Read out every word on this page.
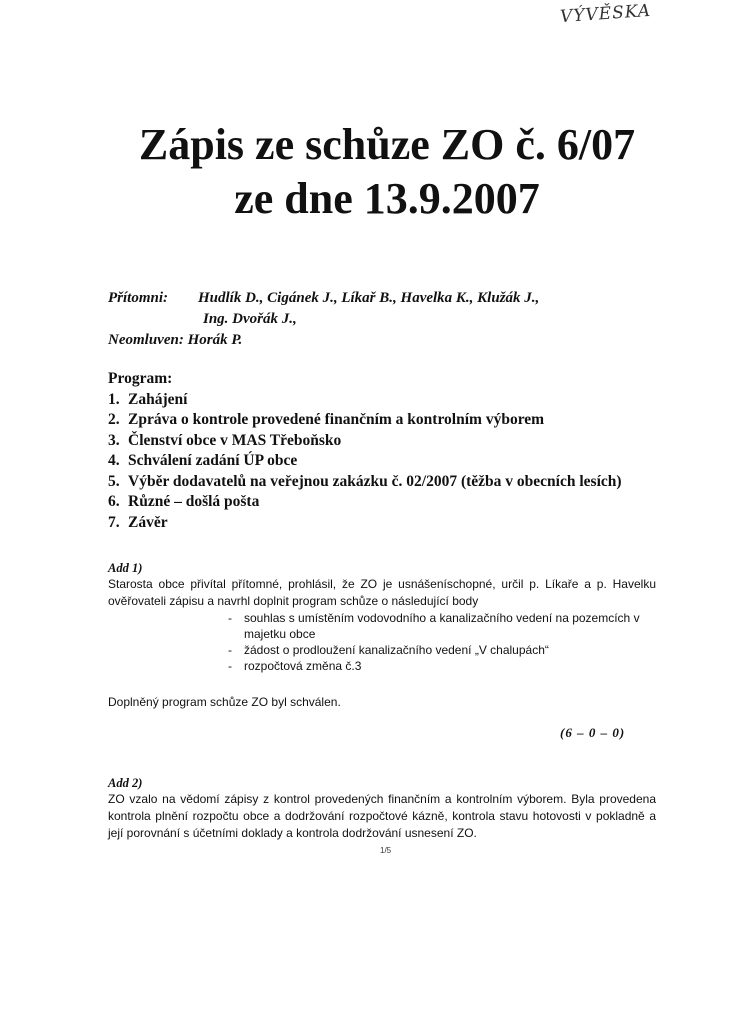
VÝVĚSKA
Zápis ze schůze ZO č. 6/07
ze dne 13.9.2007
Přítomni:	Hudlík D., Cigánek J., Líkař B., Havelka K., Klužák J.,
Ing. Dvořák J.,
Neomluven:
Horák P.
Program:
1. Zahájení
2. Zpráva o kontrole provedené finančním a kontrolním výborem
3. Členství obce v MAS Třeboňsko
4. Schválení zadání ÚP obce
5. Výběr dodavatelů na veřejnou zakázku č. 02/2007 (těžba v obecních lesích)
6. Různé – došlá pošta
7. Závěr
Add 1)
Starosta obce přivítal přítomné, prohlásil, že ZO je usnášeníschopné, určil p. Líkaře a p. Havelku ověřovateli zápisu a navrhl doplnit program schůze o následující body
-	souhlas s umístěním vodovodního a kanalizačního vedení na pozemcích v majetku obce
-	žádost o prodloužení kanalizačního vedení „V chalupách“
-	rozpočtová změna č.3
Doplněný program schůze ZO byl schválen.
(6 – 0 – 0)
Add 2)
ZO vzalo na vědomí zápisy z kontrol provedených finančním a kontrolním výborem. Byla provedena kontrola plnění rozpočtu obce a dodržování rozpočtové kázně, kontrola stavu hotovosti v pokladně a její porovnání s účetními doklady a kontrola dodržování usnesení ZO.
1/5
